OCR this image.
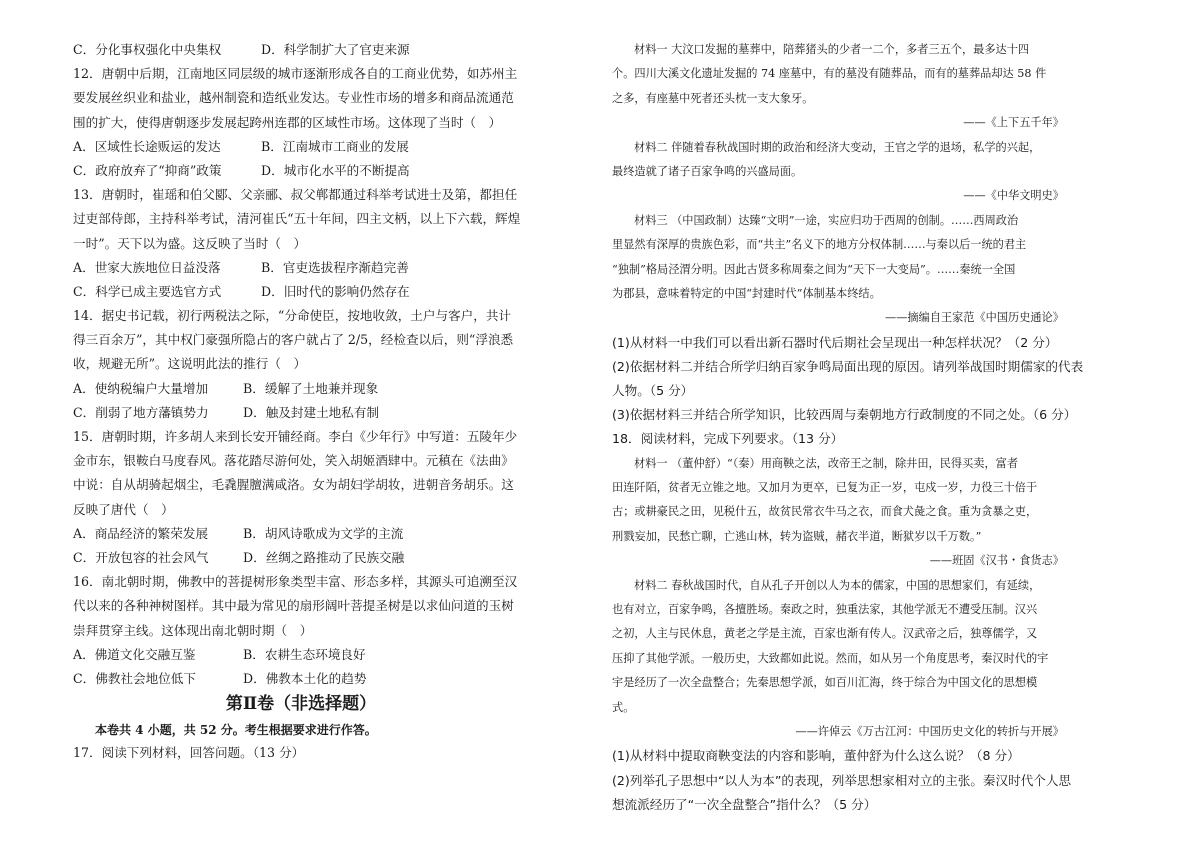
C．分化事权强化中央集权	D．科学制扩大了官吏来源
12．唐朝中后期，江南地区同层级的城市逐渐形成各自的工商业优势，如苏州主
要发展丝织业和盐业，越州制瓷和造纸业发达。专业性市场的增多和商品流通范
围的扩大，使得唐朝逐步发展起跨州连郡的区域性市场。这体现了当时（　）
A．区域性长途贩运的发达	B．江南城市工商业的发展
C．政府放弃了“抑商”政策	D．城市化水平的不断提高
13．唐朝时，崔瑶和伯父郾、父亲郦、叔父郸都通过科举考试进士及第，都担任
过吏部侍郎，主持科举考试，清河崔氏“五十年间，四主文柄，以上下六载，辉煌
一时”。天下以为盛。这反映了当时（　）
A．世家大族地位日益没落	B．官吏选拔程序渐趋完善
C．科学已成主要选官方式	D．旧时代的影响仍然存在
14．据史书记载，初行两税法之际，“分命使臣，按地收敛，土户与客户，共计
得三百余万”，其中权门豪强所隐占的客户就占了 2/5，经检查以后，则“浮浪悉
收，规避无所”。这说明此法的推行（　）
A．使纳税编户大量增加	B．缓解了土地兼并现象
C．削弱了地方藩镇势力	D．触及封建土地私有制
15．唐朝时期，许多胡人来到长安开铺经商。李白《少年行》中写道：五陵年少
金市东，银鞍白马度春风。落花踏尽游何处，笑入胡姬酒肆中。元稹在《法曲》
中说：自从胡骑起烟尘，毛毳腥膻满咸洛。女为胡妇学胡妆，进朝音务胡乐。这
反映了唐代（　）
A．商品经济的繁荣发展	B．胡风诗歌成为文学的主流
C．开放包容的社会风气	D．丝绸之路推动了民族交融
16．南北朝时期，佛教中的菩提树形象类型丰富、形态多样，其源头可追溯至汉
代以来的各种神树图样。其中最为常见的扇形阔叶菩提圣树是以求仙问道的玉树
崇拜贯穿主线。这体现出南北朝时期（　）
A．佛道文化交融互鉴	B．农耕生态环境良好
C．佛教社会地位低下	D．佛教本土化的趋势
第Ⅱ卷（非选择题）
本卷共 4 小题，共 52 分。考生根据要求进行作答。
17．阅读下列材料，回答问题。（13 分）
材料一 大汶口发掘的墓葬中，陪葬猪头的少者一二个，多者三五个，最多达十四
个。四川大溪文化遗址发掘的 74 座墓中，有的墓没有随葬品，而有的墓葬品却达 58 件
之多，有座墓中死者还头枕一支大象牙。
——《上下五千年》
材料二 伴随着春秋战国时期的政治和经济大变动，王官之学的退场，私学的兴起，
最终造就了诸子百家争鸣的兴盛局面。
——《中华文明史》
材料三 （中国政制）达臻“文明”一途，实应归功于西周的创制。……西周政治
里显然有深厚的贵族色彩，而“共主”名义下的地方分权体制……与秦以后一统的君主
“独制”格局泾渭分明。因此古贤多称周秦之间为“天下一大变局”。……秦统一全国
为郡县，意味着特定的中国“封建时代”体制基本终结。
——摘编自王家范《中国历史通论》
(1)从材料一中我们可以看出新石器时代后期社会呈现出一种怎样状况？（2 分）
(2)依据材料二并结合所学归纳百家争鸣局面出现的原因。请列举战国时期儒家的代表
人物。（5 分）
(3)依据材料三并结合所学知识，比较西周与秦朝地方行政制度的不同之处。（6 分）
18．阅读材料，完成下列要求。（13 分）
材料一 （董仲舒）“（秦）用商鞅之法，改帝王之制，除井田，民得买卖，富者
田连阡陌，贫者无立锥之地。又加月为更卒，已复为正一岁，屯戍一岁，力役三十倍于
古；或耕豪民之田，见税什五，故贫民常衣牛马之衣，而食犬彘之食。重为贪暴之吏，
刑戮妄加，民愁亡聊，亡逃山林，转为盗贼，赭衣半道，断狱岁以千万数。”
——班固《汉书・食货志》
材料二 春秋战国时代，自从孔子开创以人为本的儒家，中国的思想家们，有延续，
也有对立，百家争鸣，各擅胜场。秦政之时，独重法家，其他学派无不遭受压制。汉兴
之初，人主与民休息，黄老之学是主流，百家也渐有传人。汉武帝之后，独尊儒学，又
压抑了其他学派。一般历史，大致都如此说。然而，如从另一个角度思考，秦汉时代的宇
宇是经历了一次全盘整合；先秦思想学派，如百川汇海，终于综合为中国文化的思想模
式。
——许倬云《万古江河：中国历史文化的转折与开展》
(1)从材料中提取商鞅变法的内容和影响，董仲舒为什么这么说？（8 分）
(2)列举孔子思想中“以人为本”的表现，列举思想家相对立的主张。秦汉时代个人思
想流派经历了“一次全盘整合”指什么？（5 分）
